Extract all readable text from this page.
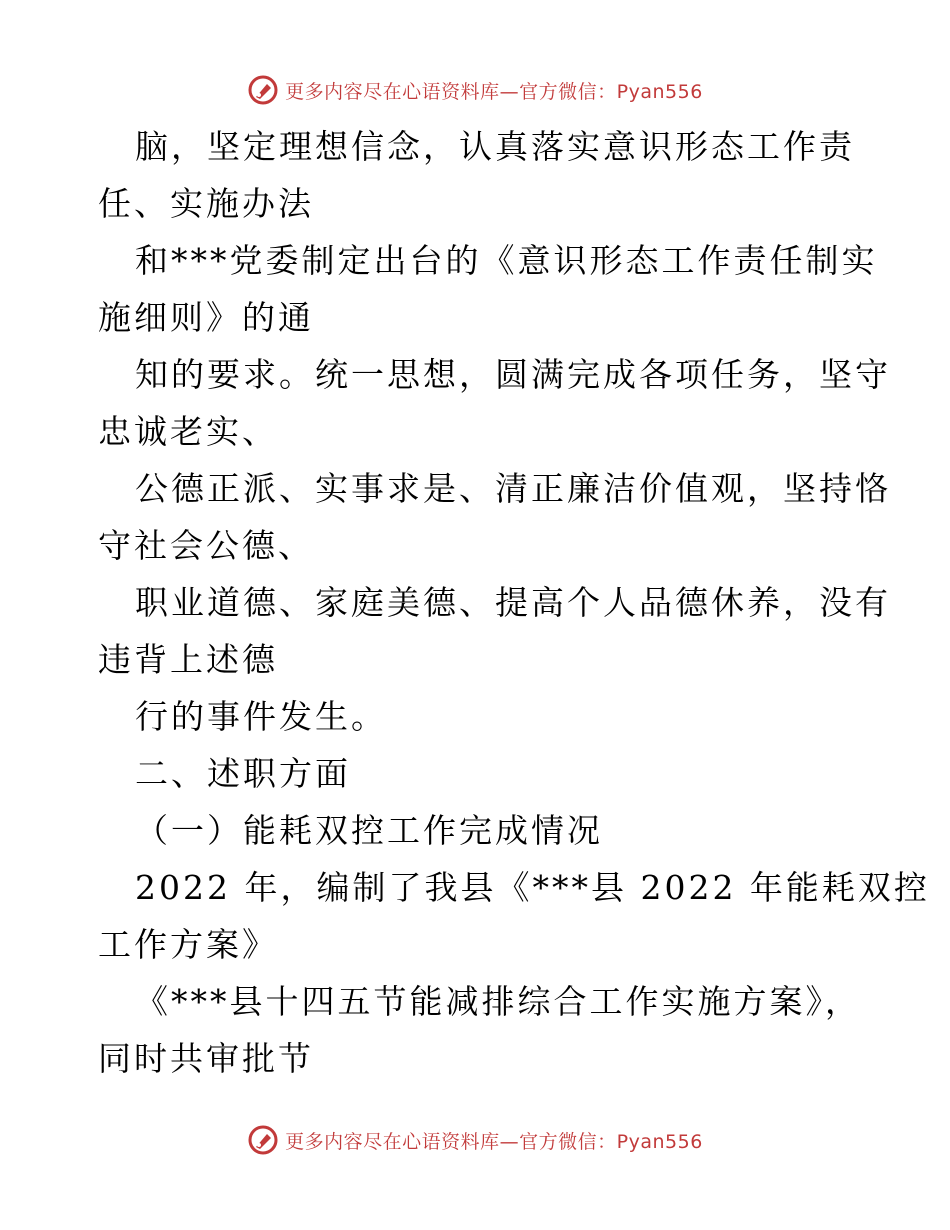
更多内容尽在心语资料库—官方微信：Pyan556
脑，坚定理想信念，认真落实意识形态工作责
任、实施办法
和***党委制定出台的《意识形态工作责任制实
施细则》的通
知的要求。统一思想，圆满完成各项任务，坚守
忠诚老实、
公德正派、实事求是、清正廉洁价值观，坚持恪
守社会公德、
职业道德、家庭美德、提高个人品德休养，没有
违背上述德
行的事件发生。
二、述职方面
（一）能耗双控工作完成情况
2022 年，编制了我县《***县 2022 年能耗双控
工作方案》
《***县十四五节能减排综合工作实施方案》，
同时共审批节
更多内容尽在心语资料库—官方微信：Pyan556
